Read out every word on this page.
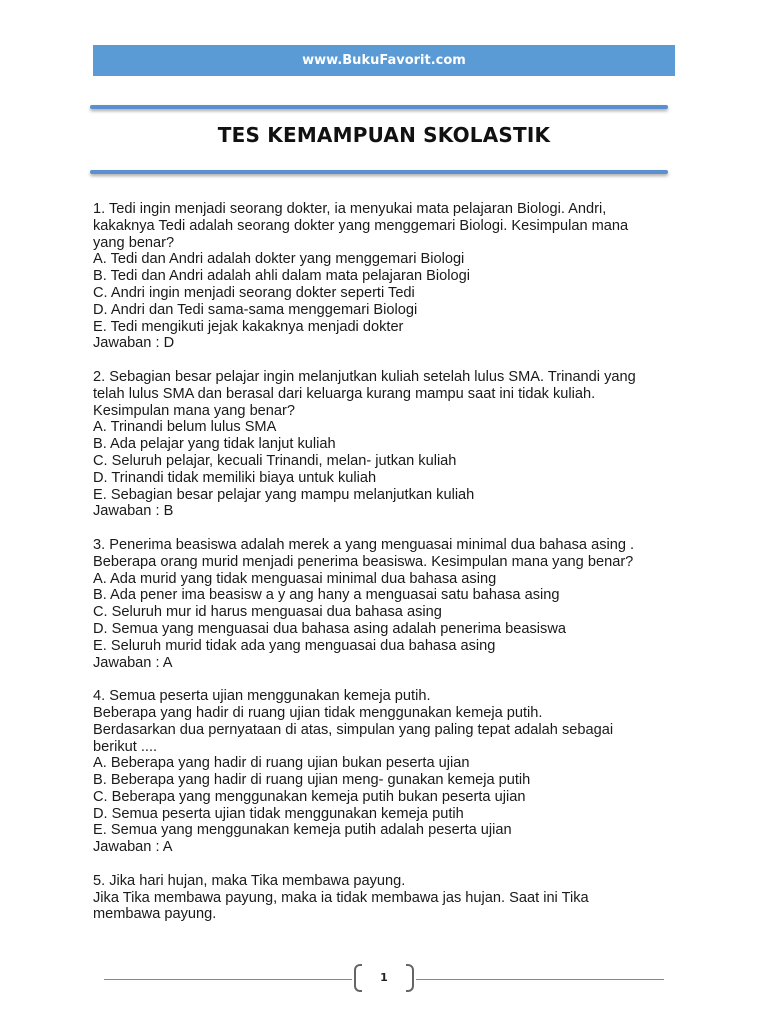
www.BukuFavorit.com
TES KEMAMPUAN SKOLASTIK
1. Tedi ingin menjadi seorang dokter, ia menyukai mata pelajaran Biologi. Andri,
kakaknya Tedi adalah seorang dokter yang menggemari Biologi. Kesimpulan mana
yang benar?
A. Tedi dan Andri adalah dokter yang menggemari Biologi
B. Tedi dan Andri adalah ahli dalam mata pelajaran Biologi
C. Andri ingin menjadi seorang dokter seperti Tedi
D. Andri dan Tedi sama-sama menggemari Biologi
E. Tedi mengikuti jejak kakaknya menjadi dokter
Jawaban : D
2. Sebagian besar pelajar ingin melanjutkan kuliah setelah lulus SMA. Trinandi yang
telah lulus SMA dan berasal dari keluarga kurang mampu saat ini tidak kuliah.
Kesimpulan mana yang benar?
A. Trinandi belum lulus SMA
B. Ada pelajar yang tidak lanjut kuliah
C. Seluruh pelajar, kecuali Trinandi, melan- jutkan kuliah
D. Trinandi tidak memiliki biaya untuk kuliah
E. Sebagian besar pelajar yang mampu melanjutkan kuliah
Jawaban : B
3. Penerima beasiswa adalah merek a yang menguasai minimal dua bahasa asing .
Beberapa orang murid menjadi penerima beasiswa. Kesimpulan mana yang benar?
A. Ada murid yang tidak menguasai minimal dua bahasa asing
B. Ada pener ima beasisw a y ang hany a menguasai satu bahasa asing
C. Seluruh mur id harus menguasai dua bahasa asing
D. Semua yang menguasai dua bahasa asing adalah penerima beasiswa
E. Seluruh murid tidak ada yang menguasai dua bahasa asing
Jawaban : A
4. Semua peserta ujian menggunakan kemeja putih.
Beberapa yang hadir di ruang ujian tidak menggunakan kemeja putih.
Berdasarkan dua pernyataan di atas, simpulan yang paling tepat adalah sebagai
berikut ....
A. Beberapa yang hadir di ruang ujian bukan peserta ujian
B. Beberapa yang hadir di ruang ujian meng- gunakan kemeja putih
C. Beberapa yang menggunakan kemeja putih bukan peserta ujian
D. Semua peserta ujian tidak menggunakan kemeja putih
E. Semua yang menggunakan kemeja putih adalah peserta ujian
Jawaban : A
5. Jika hari hujan, maka Tika membawa payung.
Jika Tika membawa payung, maka ia tidak membawa jas hujan. Saat ini Tika
membawa payung.
1
